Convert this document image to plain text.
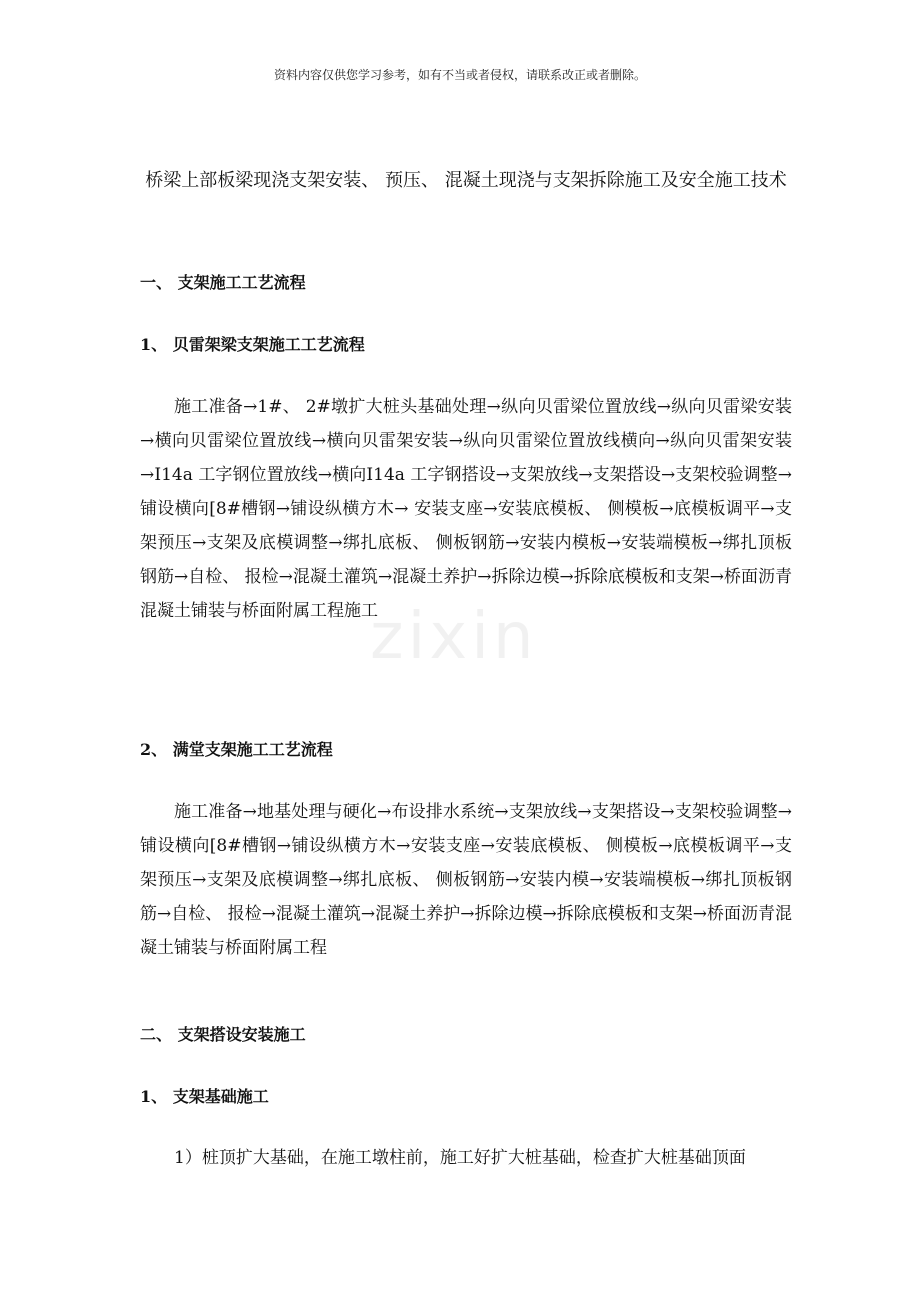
资料内容仅供您学习参考，如有不当或者侵权，请联系改正或者删除。
桥梁上部板梁现浇支架安装、 预压、 混凝土现浇与支架拆除施工及安全施工技术
一、 支架施工工艺流程
1、 贝雷架梁支架施工工艺流程
施工准备→1#、 2#墩扩大桩头基础处理→纵向贝雷梁位置放线→纵向贝雷梁安装→横向贝雷梁位置放线→横向贝雷架安装→纵向贝雷梁位置放线横向→纵向贝雷架安装→Ⅰ14a 工字钢位置放线→横向Ⅰ14a 工字钢搭设→支架放线→支架搭设→支架校验调整→铺设横向[8#槽钢→铺设纵横方木→ 安装支座→安装底模板、 侧模板→底模板调平→支架预压→支架及底模调整→绑扎底板、 侧板钢筋→安装内模板→安装端模板→绑扎顶板钢筋→自检、 报检→混凝土灌筑→混凝土养护→拆除边模→拆除底模板和支架→桥面沥青混凝土铺装与桥面附属工程施工
2、 满堂支架施工工艺流程
施工准备→地基处理与硬化→布设排水系统→支架放线→支架搭设→支架校验调整→铺设横向[8#槽钢→铺设纵横方木→安装支座→安装底模板、 侧模板→底模板调平→支架预压→支架及底模调整→绑扎底板、 侧板钢筋→安装内模→安装端模板→绑扎顶板钢筋→自检、 报检→混凝土灌筑→混凝土养护→拆除边模→拆除底模板和支架→桥面沥青混凝土铺装与桥面附属工程
二、 支架搭设安装施工
1、 支架基础施工
1）桩顶扩大基础，在施工墩柱前，施工好扩大桩基础，检查扩大桩基础顶面
zixin
